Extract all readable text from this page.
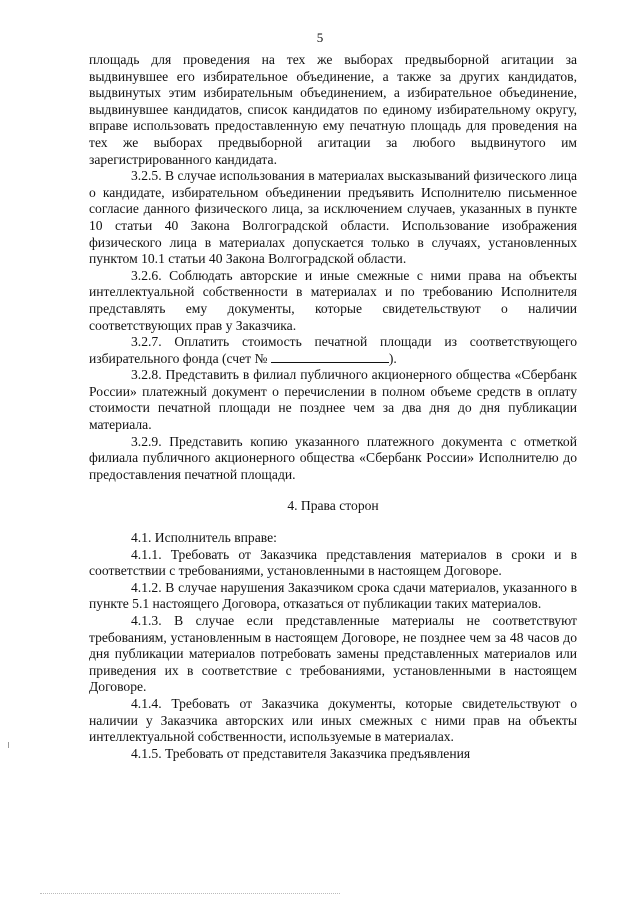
5

площадь для проведения на тех же выборах предвыборной агитации за выдвинувшее его избирательное объединение, а также за других кандидатов, выдвинутых этим избирательным объединением, а избирательное объединение, выдвинувшее кандидатов, список кандидатов по единому избирательному округу, вправе использовать предоставленную ему печатную площадь для проведения на тех же выборах предвыборной агитации за любого выдвинутого им зарегистрированного кандидата.

3.2.5. В случае использования в материалах высказываний физического лица о кандидате, избирательном объединении предъявить Исполнителю письменное согласие данного физического лица, за исключением случаев, указанных в пункте 10 статьи 40 Закона Волгоградской области. Использование изображения физического лица в материалах допускается только в случаях, установленных пунктом 10.1 статьи 40 Закона Волгоградской области.

3.2.6. Соблюдать авторские и иные смежные с ними права на объекты интеллектуальной собственности в материалах и по требованию Исполнителя представлять ему документы, которые свидетельствуют о наличии соответствующих прав у Заказчика.

3.2.7. Оплатить стоимость печатной площади из соответствующего избирательного фонда (счет №	).

3.2.8. Представить в филиал публичного акционерного общества «Сбербанк России» платежный документ о перечислении в полном объеме средств в оплату стоимости печатной площади не позднее чем за два дня до дня публикации материала.

3.2.9. Представить копию указанного платежного документа с отметкой филиала публичного акционерного общества «Сбербанк России» Исполнителю до предоставления печатной площади.

4. Права сторон

4.1. Исполнитель вправе:

4.1.1. Требовать от Заказчика представления материалов в сроки и в соответствии с требованиями, установленными в настоящем Договоре.

4.1.2. В случае нарушения Заказчиком срока сдачи материалов, указанного в пункте 5.1 настоящего Договора, отказаться от публикации таких материалов.

4.1.3. В случае если представленные материалы не соответствуют требованиям, установленным в настоящем Договоре, не позднее чем за 48 часов до дня публикации материалов потребовать замены представленных материалов или приведения их в соответствие с требованиями, установленными в настоящем Договоре.

4.1.4. Требовать от Заказчика документы, которые свидетельствуют о наличии у Заказчика авторских или иных смежных с ними прав на объекты интеллектуальной собственности, используемые в материалах.

4.1.5. Требовать от представителя Заказчика предъявления
